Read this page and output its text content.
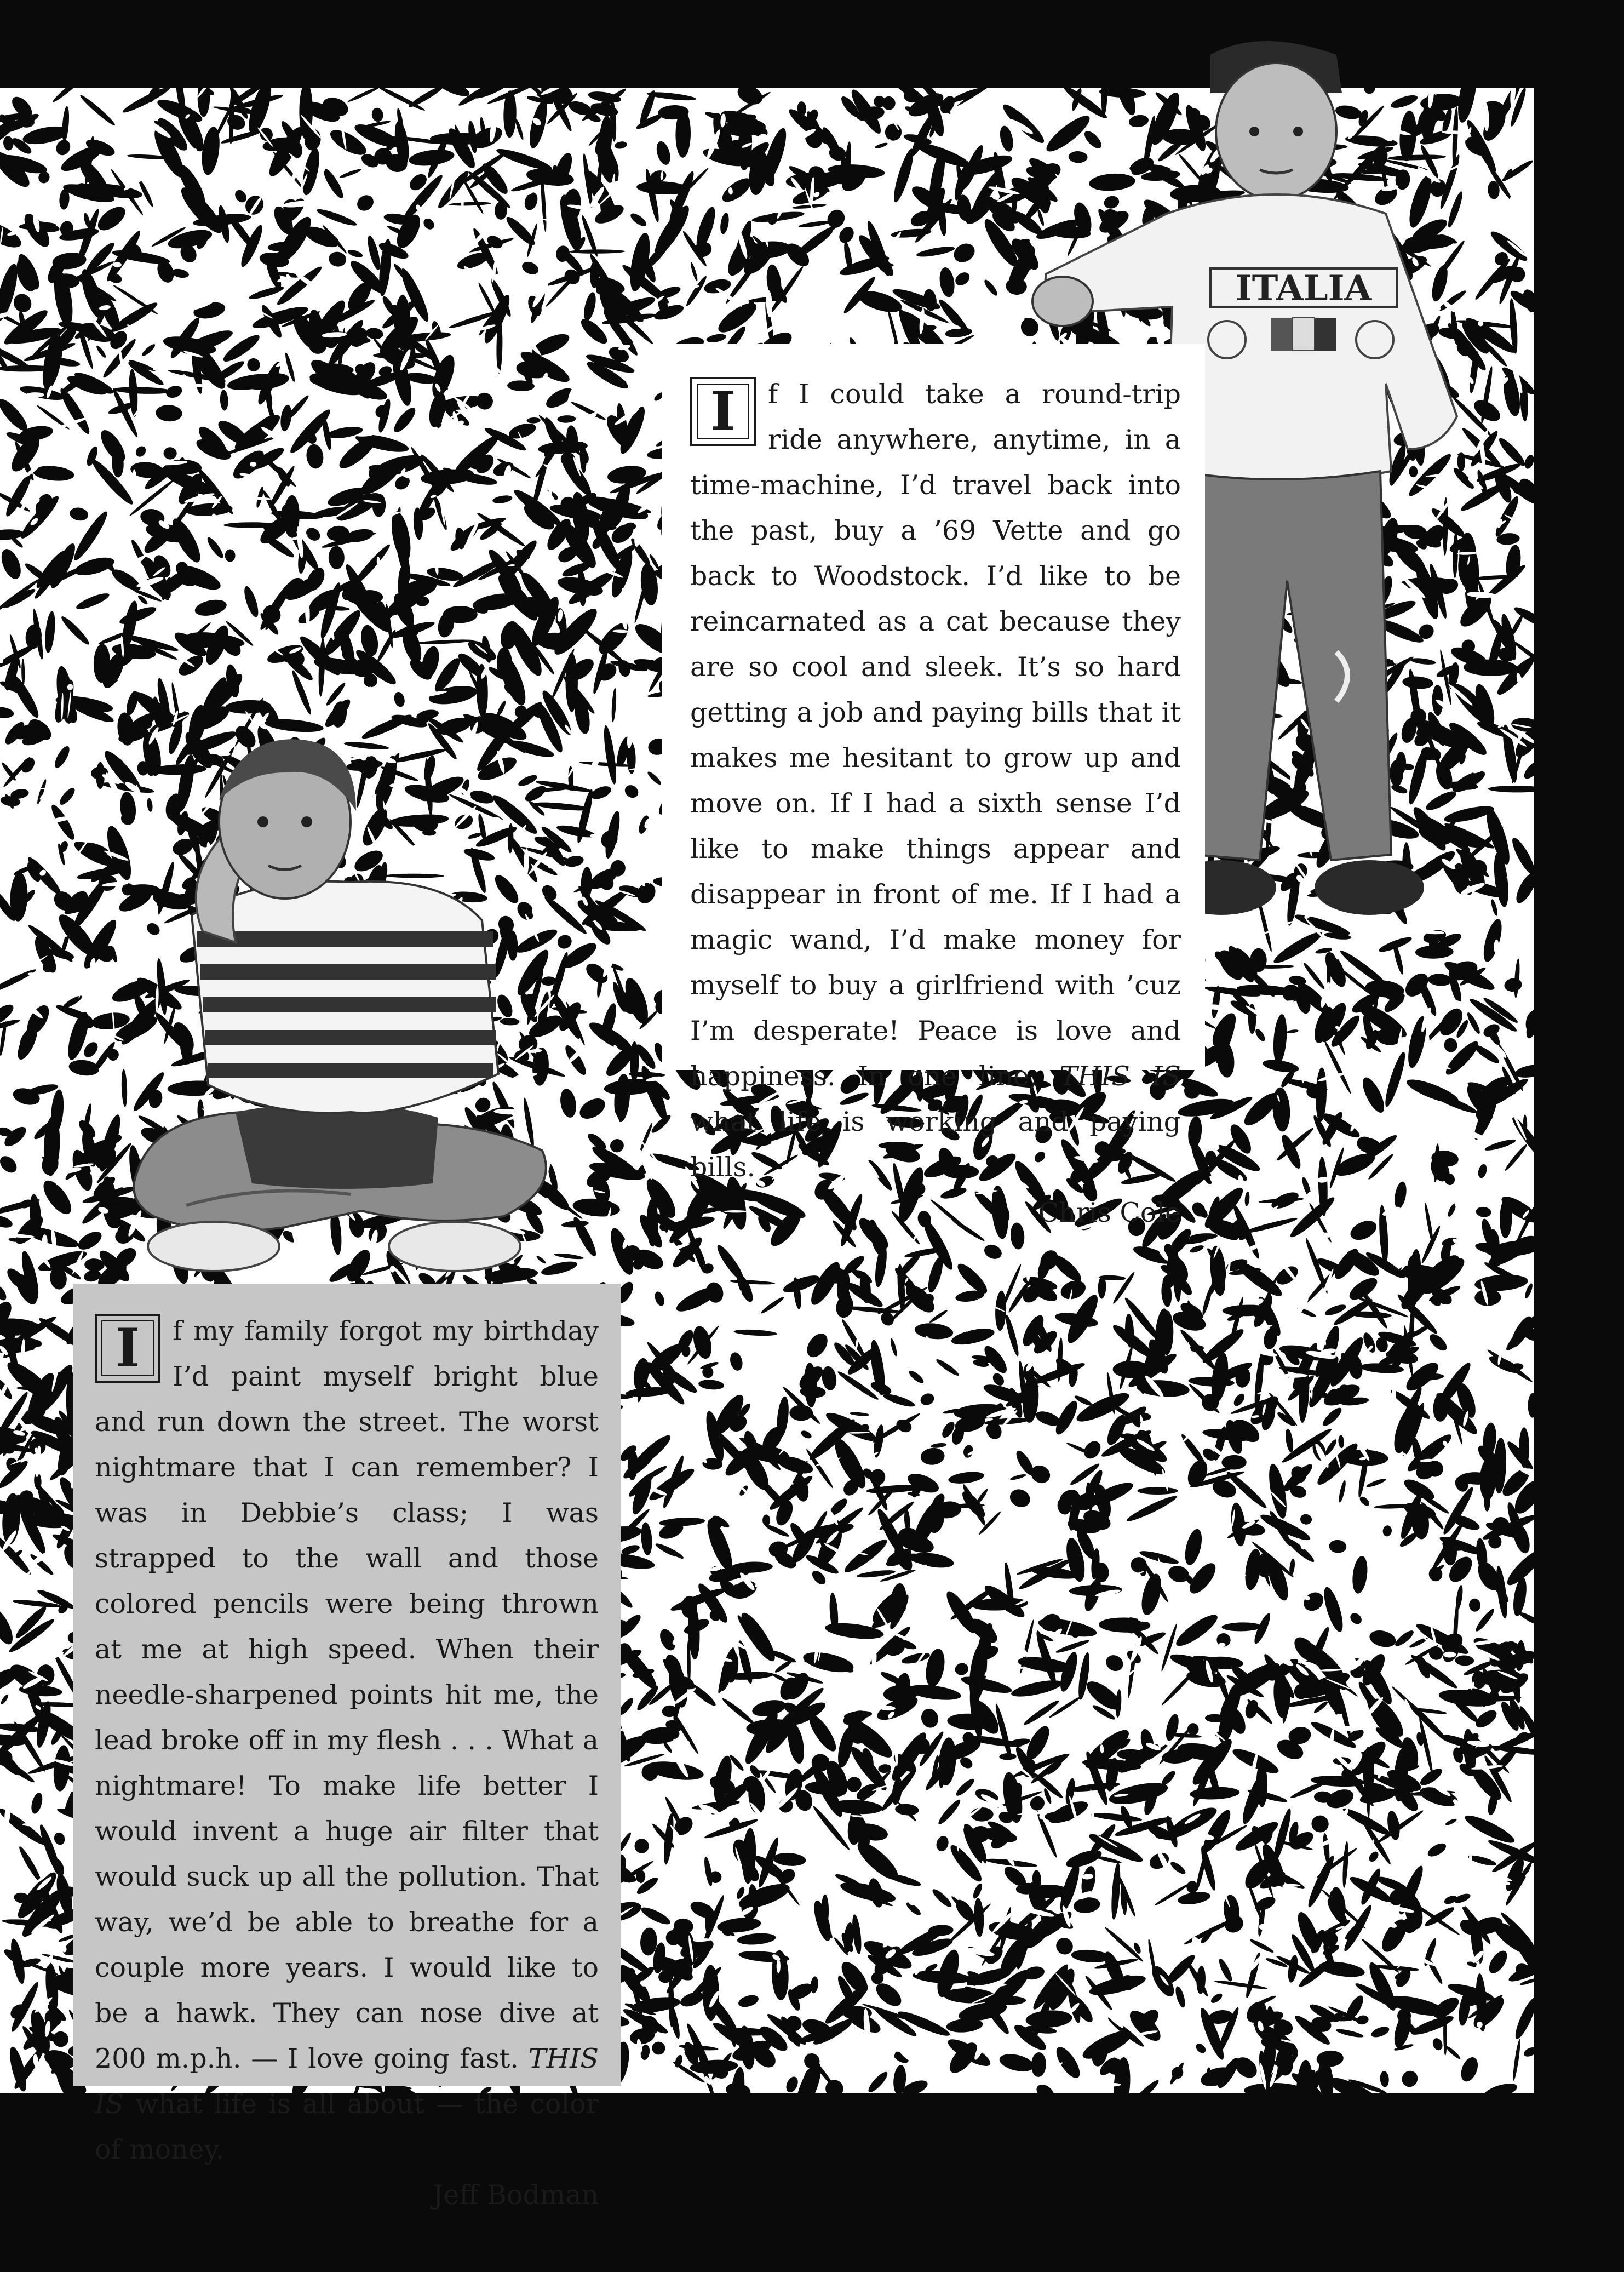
ITALIA
I	f I could take a round-trip ride anywhere, anytime, in a time-machine, I’d travel back into the past, buy a ’69 Vette and go back to Woodstock. I’d like to be reincarnated as a cat because they are so cool and sleek. It’s so hard getting a job and paying bills that it makes me hesitant to grow up and move on. If I had a sixth sense I’d like to make things appear and disappear in front of me. If I had a magic wand, I’d make money for myself to buy a girlfriend with ’cuz I’m desperate! Peace is love and happiness. In one line, THIS IS what life is working and paying bills.

Chris Cole
I	f my family forgot my birthday I’d paint myself bright blue and run down the street. The worst nightmare that I can remember? I was in Debbie’s class; I was strapped to the wall and those colored pencils were being thrown at me at high speed. When their needle-sharpened points hit me, the lead broke off in my flesh . . . What a nightmare! To make life better I would invent a huge air filter that would suck up all the pollution. That way, we’d be able to breathe for a couple more years. I would like to be a hawk. They can nose dive at 200 m.p.h. — I love going fast. THIS IS what life is all about — the color of money.

Jeff Bodman
